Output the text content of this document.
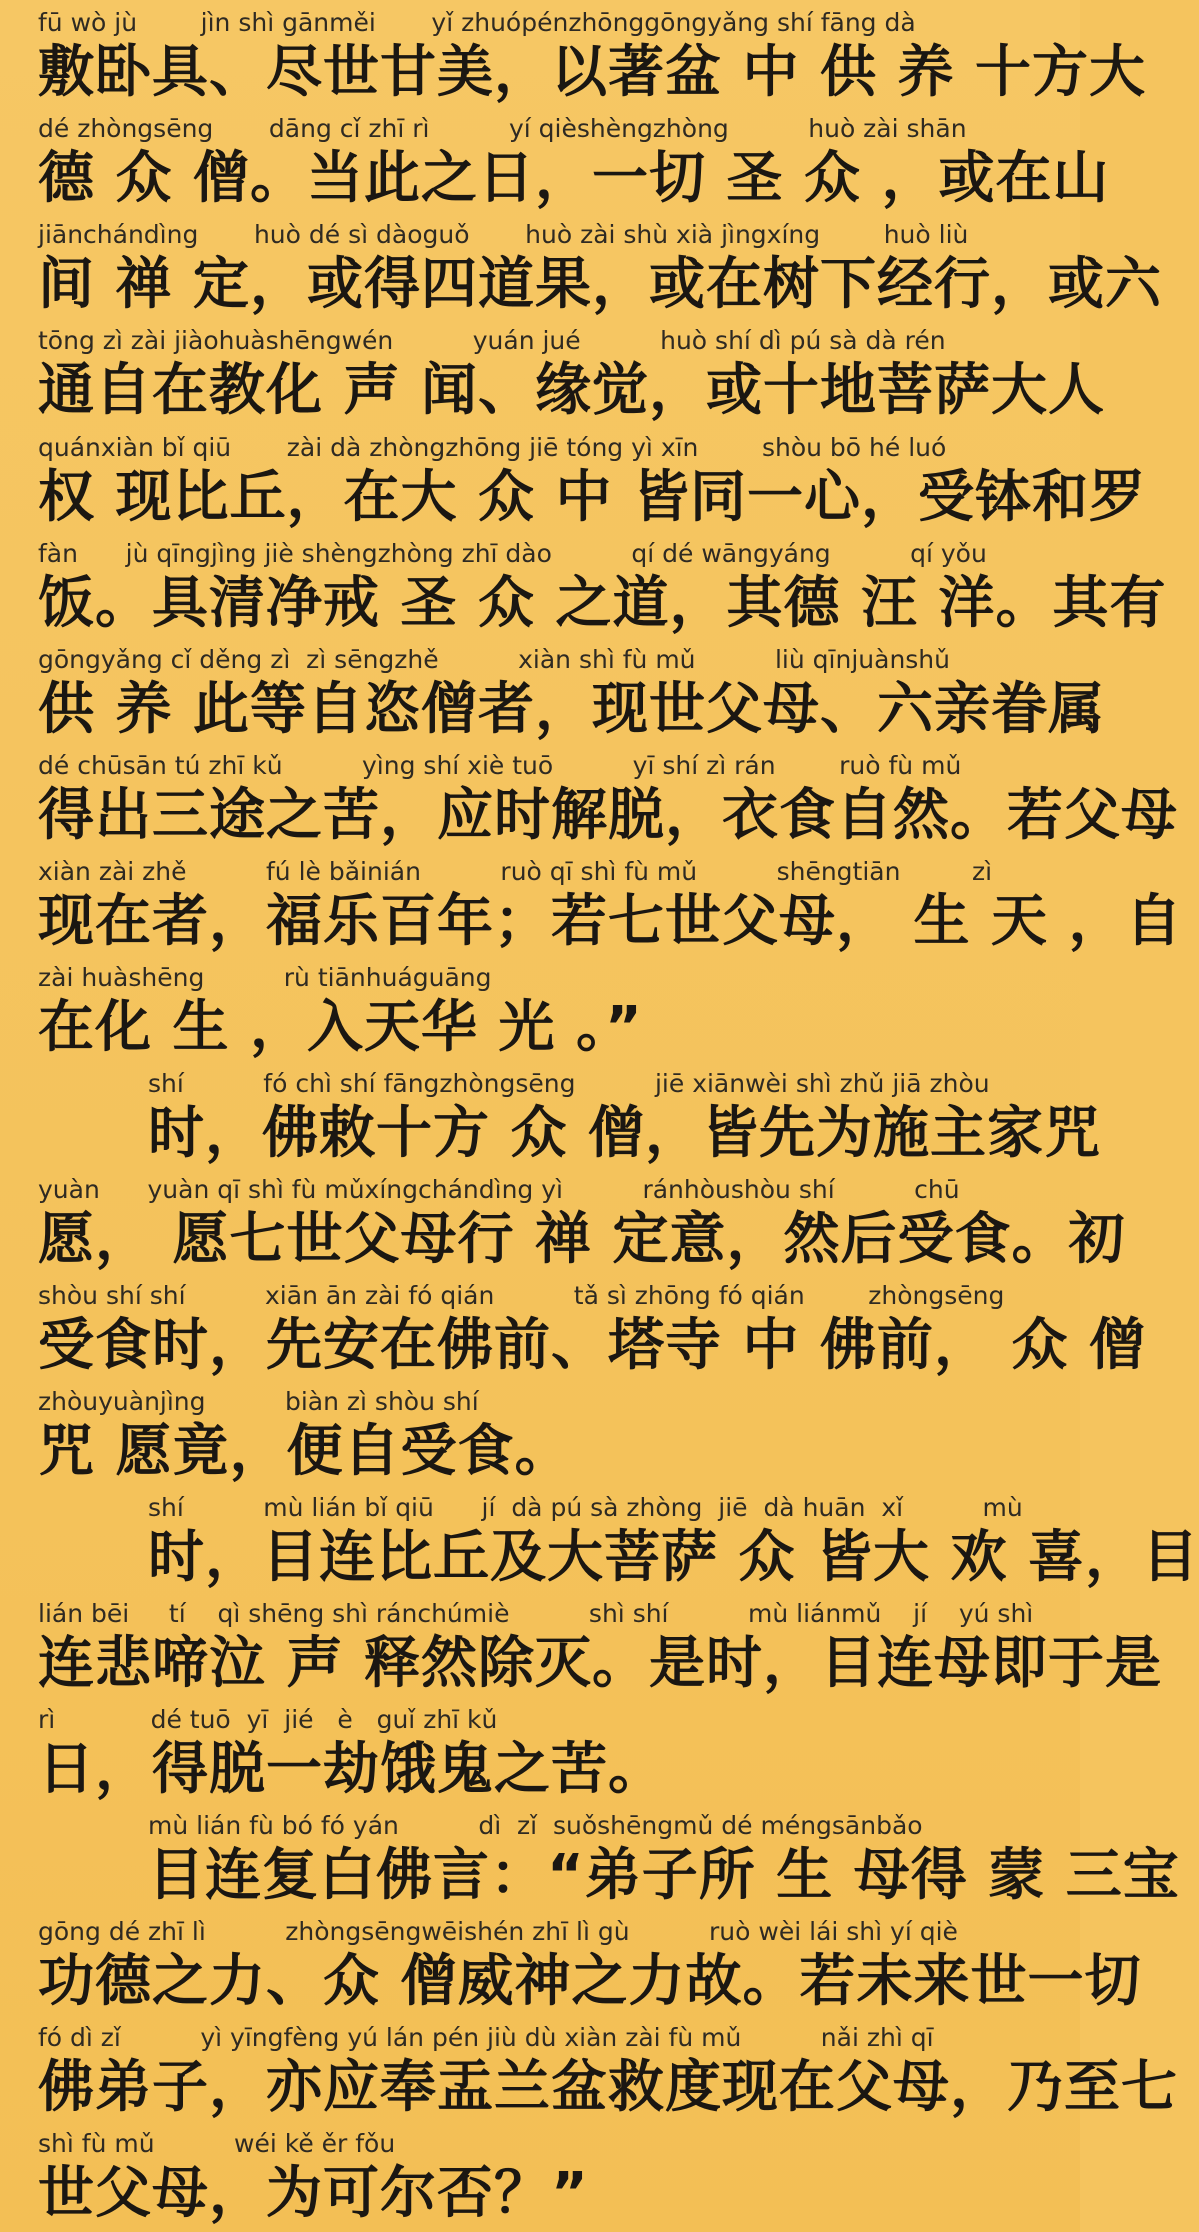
fū wò jù        jìn shì gānměi       yǐ zhuópénzhōnggōngyǎng shí fāng dà
敷卧具、尽世甘美，以著盆 中 供 养 十方大
dé zhòngsēng       dāng cǐ zhī rì          yí qièshèngzhòng          huò zài shān
德 众 僧。当此之日，一切 圣 众 ，或在山
jiānchándìng       huò dé sì dàoguǒ       huò zài shù xià jìngxíng        huò liù
间 禅 定，或得四道果，或在树下经行，或六
tōng zì zài jiàohuàshēngwén          yuán jué          huò shí dì pú sà dà rén
通自在教化 声 闻、缘觉，或十地菩萨大人
quánxiàn bǐ qiū       zài dà zhòngzhōng jiē tóng yì xīn        shòu bō hé luó
权 现比丘，在大 众 中 皆同一心，受钵和罗
fàn      jù qīngjìng jiè shèngzhòng zhī dào          qí dé wāngyáng          qí yǒu
饭。具清净戒 圣 众 之道，其德 汪 洋。其有
gōngyǎng cǐ děng zì  zì sēngzhě          xiàn shì fù mǔ          liù qīnjuànshǔ
供 养 此等自恣僧者，现世父母、六亲眷属
dé chūsān tú zhī kǔ          yìng shí xiè tuō          yī shí zì rán        ruò fù mǔ
得出三途之苦，应时解脱，衣食自然。若父母
xiàn zài zhě          fú lè bǎinián          ruò qī shì fù mǔ          shēngtiān         zì
现在者，福乐百年；若七世父母， 生 天 ，自
zài huàshēng          rù tiānhuáguāng
在化 生 ，入天华 光 。”
shí          fó chì shí fāngzhòngsēng          jiē xiānwèi shì zhǔ jiā zhòu
时，佛敕十方 众 僧，皆先为施主家咒
yuàn      yuàn qī shì fù mǔxíngchándìng yì          ránhòushòu shí          chū
愿， 愿七世父母行 禅 定意，然后受食。初
shòu shí shí          xiān ān zài fó qián          tǎ sì zhōng fó qián        zhòngsēng
受食时，先安在佛前、塔寺 中 佛前， 众 僧
zhòuyuànjìng          biàn zì shòu shí
咒 愿竟，便自受食。
shí          mù lián bǐ qiū      jí  dà pú sà zhòng  jiē  dà huān  xǐ          mù
时，目连比丘及大菩萨 众 皆大 欢 喜，目
lián bēi     tí    qì shēng shì ránchúmiè          shì shí          mù liánmǔ    jí    yú shì
连悲啼泣 声 释然除灭。是时，目连母即于是
rì            dé tuō  yī  jié   è   guǐ zhī kǔ
日，得脱一劫饿鬼之苦。
mù lián fù bó fó yán          dì  zǐ  suǒshēngmǔ dé méngsānbǎo
目连复白佛言：“弟子所 生 母得 蒙 三宝
gōng dé zhī lì          zhòngsēngwēishén zhī lì gù          ruò wèi lái shì yí qiè
功德之力、众 僧威神之力故。若未来世一切
fó dì zǐ          yì yīngfèng yú lán pén jiù dù xiàn zài fù mǔ          nǎi zhì qī
佛弟子，亦应奉盂兰盆救度现在父母，乃至七
shì fù mǔ          wéi kě ěr fǒu
世父母，为可尔否？”
